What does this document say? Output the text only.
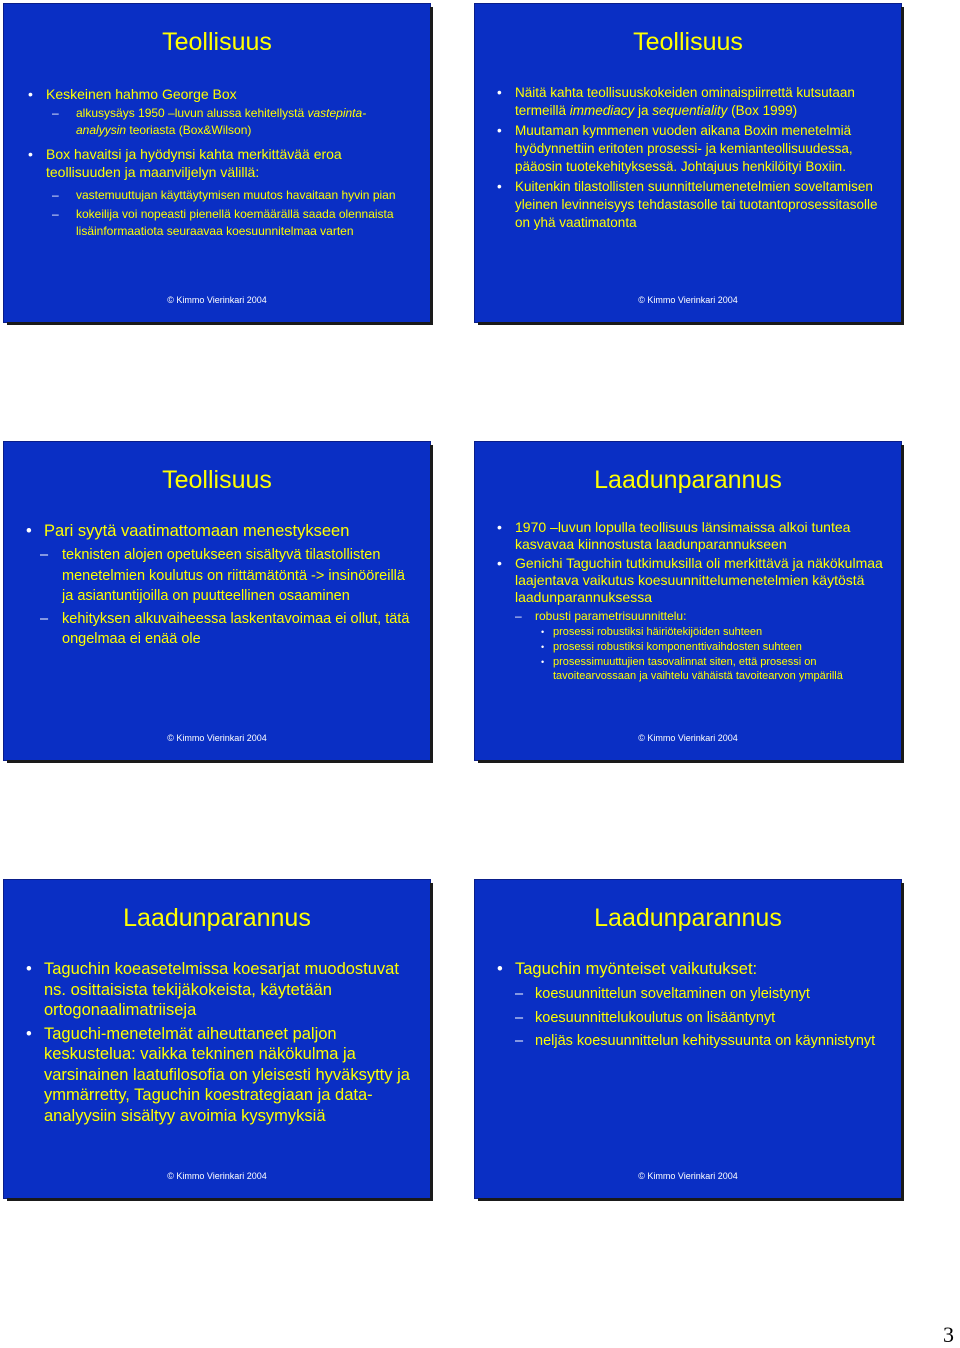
Teollisuus
• Keskeinen hahmo George Box
– alkusysäys 1950 –luvun alussa kehitellystä vastepinta-analyysin teoriasta (Box&Wilson)
• Box havaitsi ja hyödynsi kahta merkittävää eroa teollisuuden ja maanviljelyn välillä:
– vastemuuttujan käyttäytymisen muutos havaitaan hyvin pian
– kokeilija voi nopeasti pienellä koemäärällä saada olennaista lisäinformaatiota seuraavaa koesuunnitelmaa varten
© Kimmo Vierinkari 2004
Teollisuus
• Näitä kahta teollisuuskokeiden ominaispiirrettä kutsutaan termeillä immediacy ja sequentiality (Box 1999)
• Muutaman kymmenen vuoden aikana Boxin menetelmiä hyödynnettiin eritoten prosessi- ja kemianteollisuudessa, pääosin tuotekehityksessä. Johtajuus henkilöityi Boxiin.
• Kuitenkin tilastollisten suunnittelumenetelmien soveltamisen yleinen levinneisyys tehdastasolle tai tuotantoprosessitasolle on yhä vaatimatonta
© Kimmo Vierinkari 2004
Teollisuus
• Pari syytä vaatimattomaan menestykseen
– teknisten alojen opetukseen sisältyvä tilastollisten menetelmien koulutus on riittämätöntä -> insinööreillä ja asiantuntijoilla on puutteellinen osaaminen
– kehityksen alkuvaiheessa laskentavoimaa ei ollut, tätä ongelmaa ei enää ole
© Kimmo Vierinkari 2004
Laadunparannus
• 1970 –luvun lopulla teollisuus länsimaissa alkoi tuntea kasvavaa kiinnostusta laadunparannukseen
• Genichi Taguchin tutkimuksilla oli merkittävä ja näkökulmaa laajentava vaikutus koesuunnittelumenetelmien käytöstä laadunparannuksessa
– robusti parametrisuunnittelu:
• prosessi robustiksi häiriötekijöiden suhteen
• prosessi robustiksi komponenttivaihdosten suhteen
• prosessimuuttujien tasovalinnat siten, että prosessi on tavoitearvossaan ja vaihtelu vähäistä tavoitearvon ympärillä
© Kimmo Vierinkari 2004
Laadunparannus
• Taguchin koeasetelmissa koesarjat muodostuvat ns. osittaisista tekijäkokeista, käytetään ortogonaalimatriiseja
• Taguchi-menetelmät aiheuttaneet paljon keskustelua: vaikka tekninen näkökulma ja varsinainen laatufilosofia on yleisesti hyväksytty ja ymmärretty, Taguchin koestrategiaan ja data-analyysiin sisältyy avoimia kysymyksiä
© Kimmo Vierinkari 2004
Laadunparannus
• Taguchin myönteiset vaikutukset:
– koesuunnittelun soveltaminen on yleistynyt
– koesuunnittelukoulutus on lisääntynyt
– neljäs koesuunnittelun kehityssuunta on käynnistynyt
© Kimmo Vierinkari 2004
3
